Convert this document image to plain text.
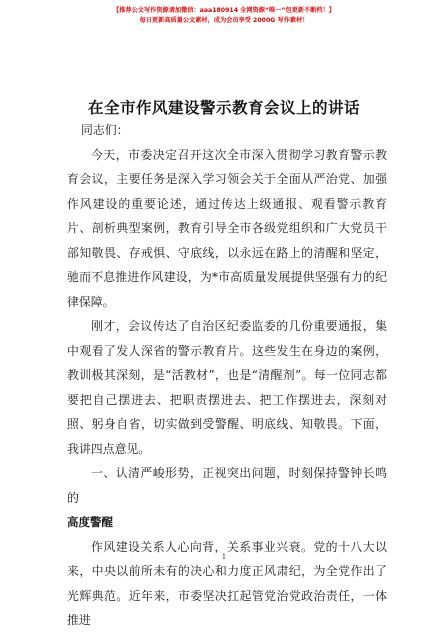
【推荐公文写作资源请加微信：aaa180914 全网资源“唯一”包更新不断档！】
每日更新高质量公文素材，成为会员享受 2000G 写作素材！
在全市作风建设警示教育会议上的讲话

同志们：

今天，市委决定召开这次全市深入贯彻学习教育警示教育会议，主要任务是深入学习领会关于全面从严治党、加强作风建设的重要论述，通过传达上级通报、观看警示教育片、剖析典型案例，教育引导全市各级党组织和广大党员干部知敬畏、存戒惧、守底线，以永远在路上的清醒和坚定，驰而不息推进作风建设，为*市高质量发展提供坚强有力的纪律保障。

刚才，会议传达了自治区纪委监委的几份重要通报，集中观看了发人深省的警示教育片。这些发生在身边的案例，教训极其深刻，是“活教材”，也是“清醒剂”。每一位同志都要把自己摆进去、把职责摆进去、把工作摆进去，深刻对照、躬身自省，切实做到受警醒、明底线、知敬畏。下面，我讲四点意见。

一、认清严峻形势，正视突出问题，时刻保持警钟长鸣的

高度警醒

作风建设关系人心向背，关系事业兴衰。党的十八大以来，中央以前所未有的决心和力度正风肃纪，为全党作出了光辉典范。近年来，市委坚决扛起管党治党政治责任，一体推进

1
